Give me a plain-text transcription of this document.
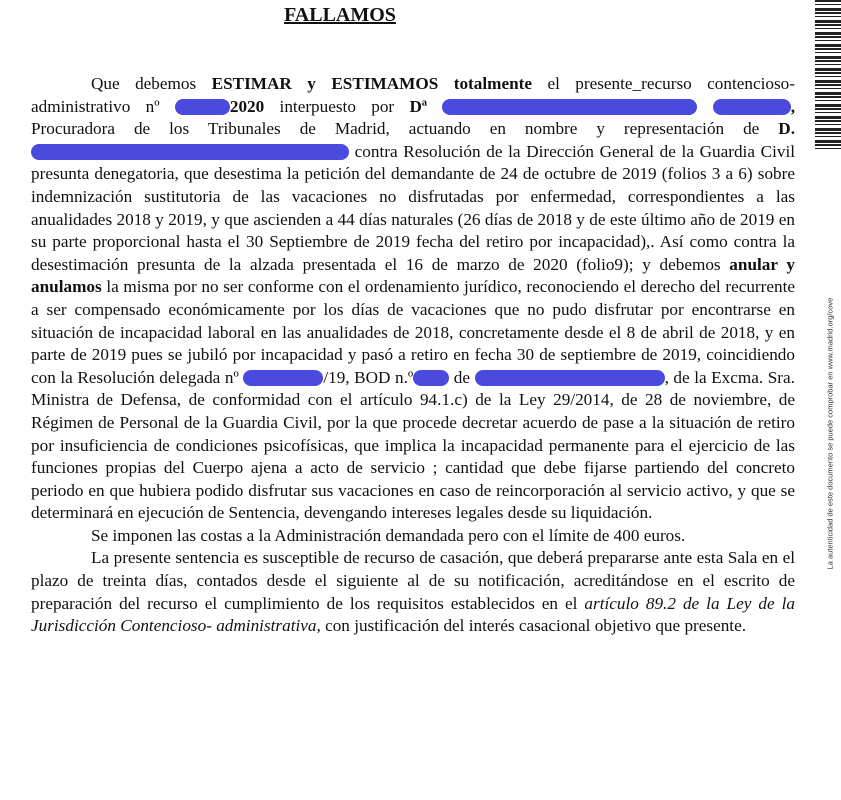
FALLAMOS

Que debemos ESTIMAR y ESTIMAMOS totalmente el presente_recurso contencioso-administrativo nº	2020 interpuesto por Dª	, Procuradora de los Tribunales de Madrid, actuando en nombre y representación de D.  contra Resolución de la Dirección General de la Guardia Civil presunta denegatoria, que desestima la petición del demandante de 24 de octubre de 2019 (folios 3 a 6) sobre indemnización sustitutoria de las vacaciones no disfrutadas por enfermedad, correspondientes a las anualidades 2018 y 2019, y que ascienden a 44 días naturales (26 días de 2018 y de este último año de 2019 en su parte proporcional hasta el 30 Septiembre de 2019 fecha del retiro por incapacidad),. Así como contra la desestimación presunta de la alzada presentada el 16 de marzo de 2020 (folio9); y debemos anular y anulamos la misma por no ser conforme con el ordenamiento jurídico, reconociendo el derecho del recurrente a ser compensado económicamente por los días de vacaciones que no pudo disfrutar por encontrarse en situación de incapacidad laboral en las anualidades de 2018, concretamente desde el 8 de abril de 2018, y en parte de 2019 pues se jubiló por incapacidad y pasó a retiro en fecha 30 de septiembre de 2019, coincidiendo con la Resolución delegada nº	/19, BOD n.º de	, de la Excma. Sra. Ministra de Defensa, de conformidad con el artículo 94.1.c) de la Ley 29/2014, de 28 de noviembre, de Régimen de Personal de la Guardia Civil, por la que procede decretar acuerdo de pase a la situación de retiro por insuficiencia de condiciones psicofísicas, que implica la incapacidad permanente para el ejercicio de las funciones propias del Cuerpo ajena a acto de servicio ; cantidad que debe fijarse partiendo del concreto periodo en que hubiera podido disfrutar sus vacaciones en caso de reincorporación al servicio activo, y que se determinará en ejecución de Sentencia, devengando intereses legales desde su liquidación.

Se imponen las costas a la Administración demandada pero con el límite de 400 euros.

La presente sentencia es susceptible de recurso de casación, que deberá prepararse ante esta Sala en el plazo de treinta días, contados desde el siguiente al de su notificación, acreditándose en el escrito de preparación del recurso el cumplimiento de los requisitos establecidos en el artículo 89.2 de la Ley de la Jurisdicción Contencioso- administrativa, con justificación del interés casacional objetivo que presente.

La autenticidad de este documento se puede comprobar en www.madrid.org/cove
